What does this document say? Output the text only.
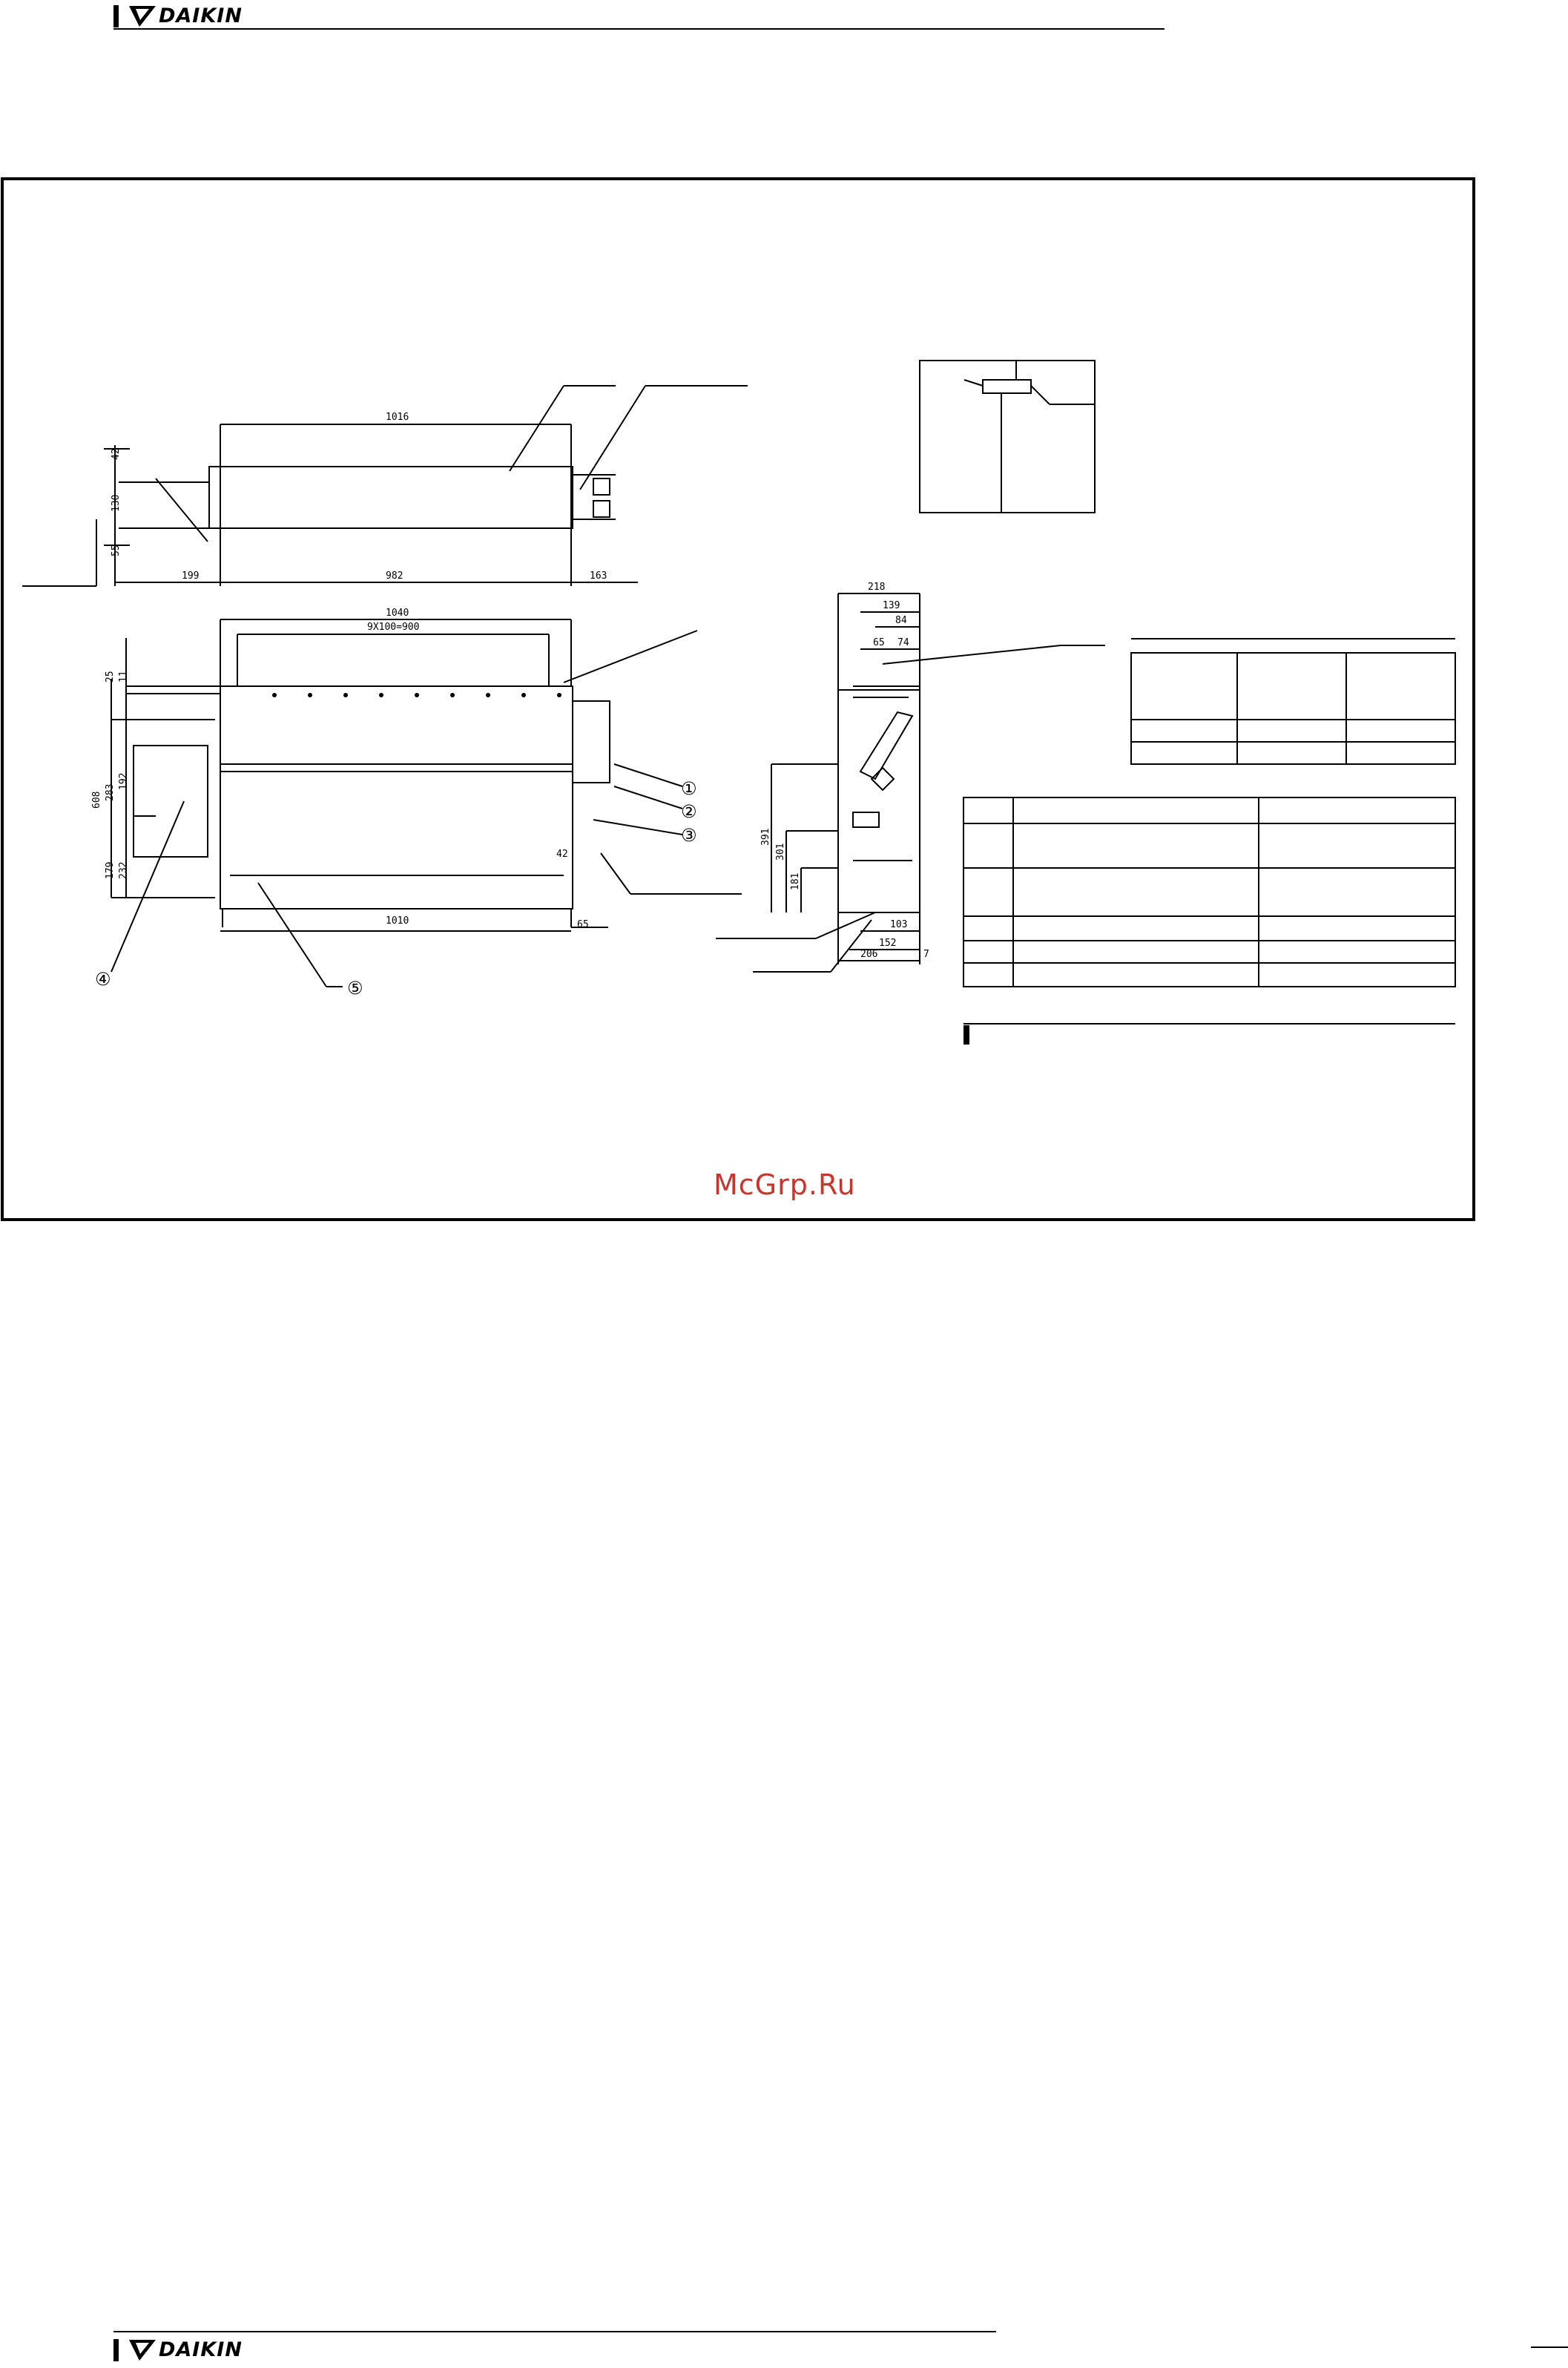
DAIKIN
1016
42
130
55
199	982	163
1040
9X100=900
25 11
608 283
192
179 232
1010
42
65
218
139
84
65 74
391
301
181
103
152
206	7
①
②
③
④	⑤
McGrp.Ru
DAIKIN
